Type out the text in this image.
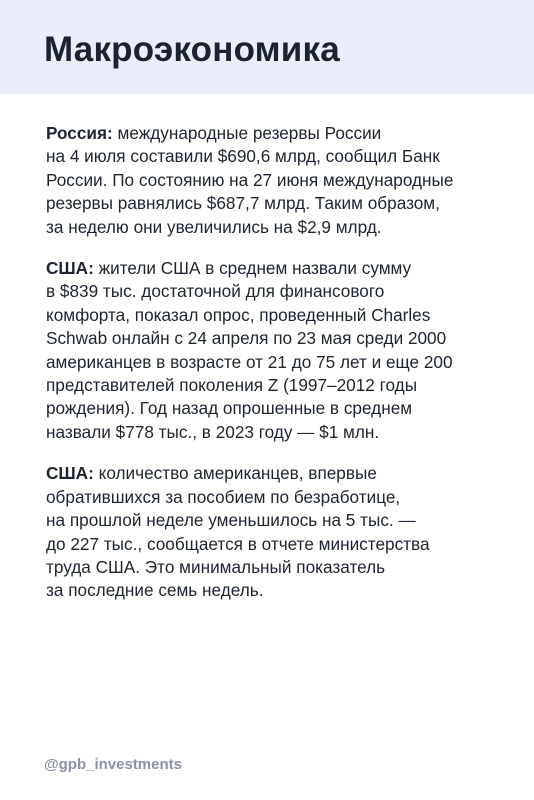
Макроэкономика

Россия: международные резервы России
на 4 июля составили $690,6 млрд, сообщил Банк
России. По состоянию на 27 июня международные
резервы равнялись $687,7 млрд. Таким образом,
за неделю они увеличились на $2,9 млрд.

США: жители США в среднем назвали сумму
в $839 тыс. достаточной для финансового
комфорта, показал опрос, проведенный Charles
Schwab онлайн с 24 апреля по 23 мая среди 2000
американцев в возрасте от 21 до 75 лет и еще 200
представителей поколения Z (1997–2012 годы
рождения). Год назад опрошенные в среднем
назвали $778 тыс., в 2023 году — $1 млн.

США: количество американцев, впервые
обратившихся за пособием по безработице,
на прошлой неделе уменьшилось на 5 тыс. —
до 227 тыс., сообщается в отчете министерства
труда США. Это минимальный показатель
за последние семь недель.

@gpb_investments
